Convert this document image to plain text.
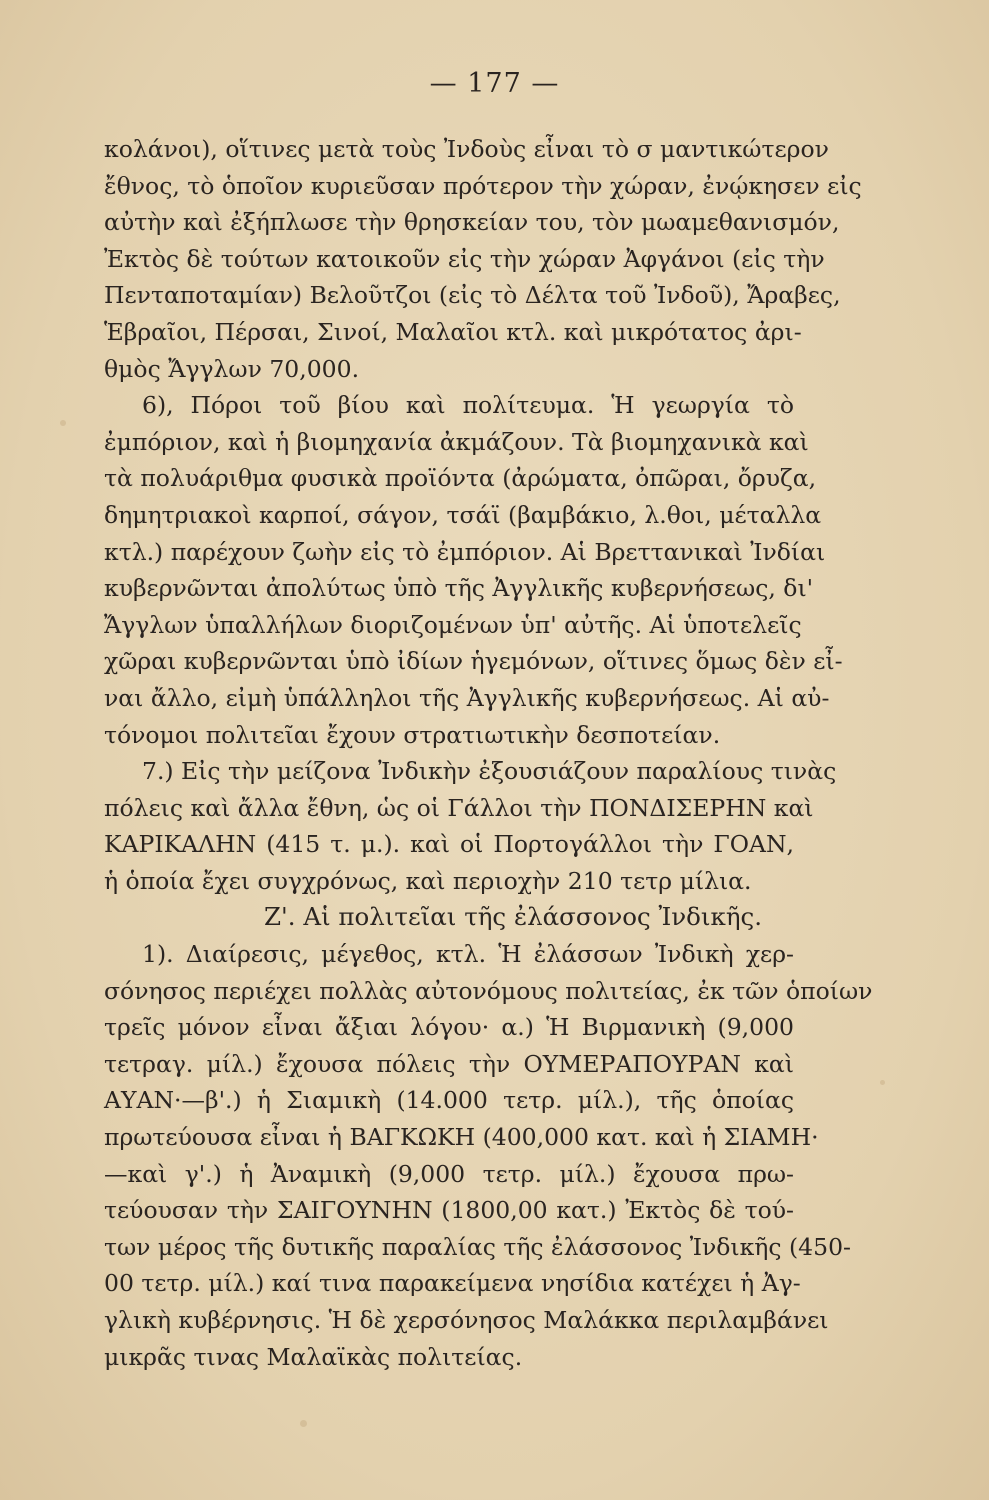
— 177 —
κολάνοι), οἵτινες μετὰ τοὺς Ἰνδοὺς εἶναι τὸ σ μαντικώτερον
ἔθνος, τὸ ὁποῖον κυριεῦσαν πρότερον τὴν χώραν, ἐνῴκησεν εἰς
αὐτὴν καὶ ἐξήπλωσε τὴν θρησκείαν του, τὸν μωαμεθανισμόν,
Ἐκτὸς δὲ τούτων κατοικοῦν εἰς τὴν χώραν Ἀφγάνοι (εἰς τὴν
Πενταποταμίαν) Βελοῦτζοι (εἰς τὸ Δέλτα τοῦ Ἰνδοῦ), Ἄραβες,
Ἑβραῖοι, Πέρσαι, Σινοί, Μαλαῖοι κτλ. καὶ μικρότατος ἀρι-
θμὸς Ἄγγλων 70,000.
6), Πόροι τοῦ βίου καὶ πολίτευμα. Ἡ γεωργία τὸ
ἐμπόριον, καὶ ἡ βιομηχανία ἀκμάζουν. Τὰ βιομηχανικὰ καὶ
τὰ πολυάριθμα φυσικὰ προϊόντα (ἀρώματα, ὀπῶραι, ὄρυζα,
δημητριακοὶ καρποί, σάγον, τσάϊ (βαμβάκιο, λ.θοι, μέταλλα
κτλ.) παρέχουν ζωὴν εἰς τὸ ἐμπόριον. Αἱ Βρεττανικαὶ Ἰνδίαι
κυβερνῶνται ἀπολύτως ὑπὸ τῆς Ἀγγλικῆς κυβερνήσεως, δι'
Ἄγγλων ὑπαλλήλων διοριζομένων ὑπ' αὐτῆς. Αἱ ὑποτελεῖς
χῶραι κυβερνῶνται ὑπὸ ἰδίων ἡγεμόνων, οἵτινες ὅμως δὲν εἶ-
ναι ἄλλο, εἰμὴ ὑπάλληλοι τῆς Ἀγγλικῆς κυβερνήσεως. Αἱ αὐ-
τόνομοι πολιτεῖαι ἔχουν στρατιωτικὴν δεσποτείαν.
7.) Εἰς τὴν μείζονα Ἰνδικὴν ἐξουσιάζουν παραλίους τινὰς
πόλεις καὶ ἄλλα ἔθνη, ὡς οἱ Γάλλοι τὴν ΠΟΝΔΙΣΕΡΗΝ καὶ
ΚΑΡΙΚΑΛΗΝ (415 τ. μ.). καὶ οἱ Πορτογάλλοι τὴν ΓΟΑΝ,
ἡ ὁποία ἔχει συγχρόνως, καὶ περιοχὴν 210 τετρ μίλια.
Ζ'. Αἱ πολιτεῖαι τῆς ἐλάσσονος Ἰνδικῆς.
1). Διαίρεσις, μέγεθος, κτλ. Ἡ ἐλάσσων Ἰνδικὴ χερ-
σόνησος περιέχει πολλὰς αὐτονόμους πολιτείας, ἐκ τῶν ὁποίων
τρεῖς μόνον εἶναι ἄξιαι λόγου· α.) Ἡ Βιρμανικὴ (9,000
τετραγ. μίλ.) ἔχουσα πόλεις τὴν ΟΥΜΕΡΑΠΟΥΡΑΝ καὶ
ΑΥΑΝ·—β'.) ἡ Σιαμικὴ (14.000 τετρ. μίλ.), τῆς ὁποίας
πρωτεύουσα εἶναι ἡ ΒΑΓΚΩΚΗ (400,000 κατ. καὶ ἡ ΣΙΑΜΗ·
—καὶ γ'.) ἡ Ἀναμικὴ (9,000 τετρ. μίλ.) ἔχουσα πρω-
τεύουσαν τὴν ΣΑΙΓΟΥΝΗΝ (1800,00 κατ.) Ἐκτὸς δὲ τού-
των μέρος τῆς δυτικῆς παραλίας τῆς ἐλάσσονος Ἰνδικῆς (450-
00 τετρ. μίλ.) καί τινα παρακείμενα νησίδια κατέχει ἡ Ἀγ-
γλικὴ κυβέρνησις. Ἡ δὲ χερσόνησος Μαλάκκα περιλαμβάνει
μικρᾶς τινας Μαλαϊκὰς πολιτείας.
